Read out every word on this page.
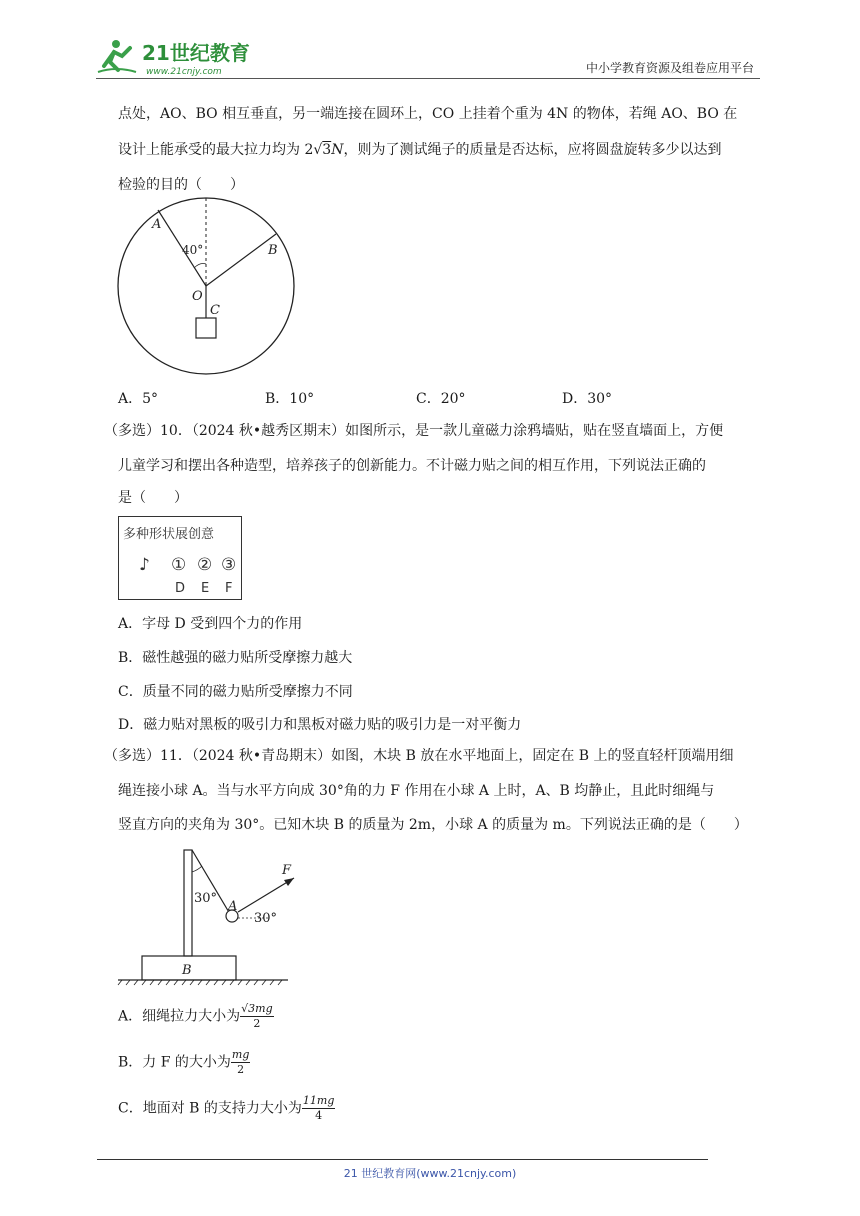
21世纪教育
www.21cnjy.com	中小学教育资源及组卷应用平台
点处，AO、BO 相互垂直，另一端连接在圆环上，CO 上挂着个重为 4N 的物体，若绳 AO、BO 在
设计上能承受的最大拉力均为 2√3N，则为了测试绳子的质量是否达标，应将圆盘旋转多少以达到
检验的目的（　　）
A
B
O
C
40°
A．5°	B．10°	C．20°	D．30°
（多选）10．（2024 秋•越秀区期末）如图所示，是一款儿童磁力涂鸦墙贴，贴在竖直墙面上，方便
儿童学习和摆出各种造型，培养孩子的创新能力。不计磁力贴之间的相互作用，下列说法正确的
是（　　）
多种形状展创意
♪ ① ② ③
D E F
A．字母 D 受到四个力的作用
B．磁性越强的磁力贴所受摩擦力越大
C．质量不同的磁力贴所受摩擦力不同
D．磁力贴对黑板的吸引力和黑板对磁力贴的吸引力是一对平衡力
（多选）11．（2024 秋•青岛期末）如图，木块 B 放在水平地面上，固定在 B 上的竖直轻杆顶端用细
绳连接小球 A。当与水平方向成 30°角的力 F 作用在小球 A 上时，A、B 均静止，且此时细绳与
竖直方向的夹角为 30°。已知木块 B 的质量为 2m，小球 A 的质量为 m。下列说法正确的是（　　）
30°
A
30°
F
B
A．细绳拉力大小为 $\frac{√3mg}{2}$
B．力 F 的大小为 $\frac{mg}{2}$
C．地面对 B 的支持力大小为 $\frac{11mg}{4}$
21 世纪教育网(www.21cnjy.com)
